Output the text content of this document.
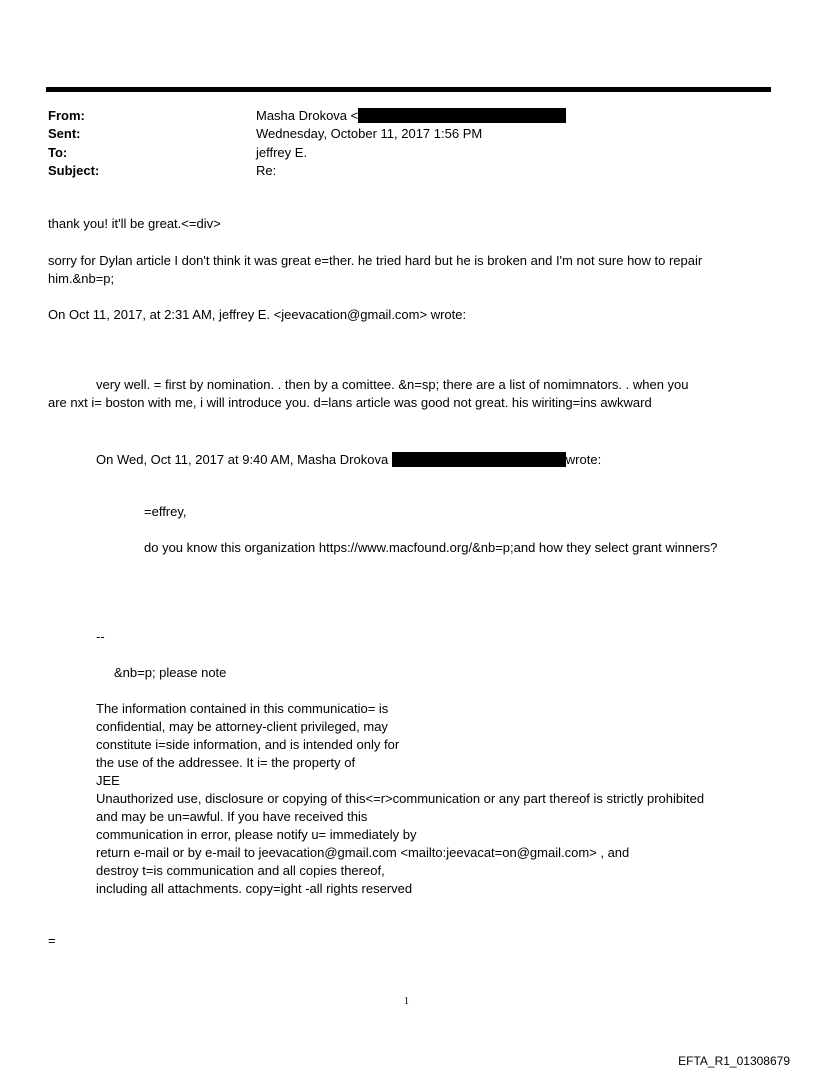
From:	Masha Drokova <
Sent:	Wednesday, October 11, 2017 1:56 PM
To:	jeffrey E.
Subject:	Re:
thank you! it'll be great.<=div>
sorry for Dylan article I don't think it was great e=ther. he tried hard but he is broken and I'm not sure how to repair
him.&nb=p;
On Oct 11, 2017, at 2:31 AM, jeffrey E. <jeevacation@gmail.com> wrote:
very well. = first by nomination. . then by a comittee. &n=sp; there are a list of nomimnators. . when you
are nxt i= boston with me, i will introduce you. d=lans article was good not great. his wiriting=ins awkward
On Wed, Oct 11, 2017 at 9:40 AM, Masha Drokova	wrote:
=effrey,
do you know this organization https://www.macfound.org/&nb=p;and how they select grant winners?
--
&nb=p; please note
The information contained in this communicatio= is
confidential, may be attorney-client privileged, may
constitute i=side information, and is intended only for
the use of the addressee. It i= the property of
JEE
Unauthorized use, disclosure or copying of this<=r>communication or any part thereof is strictly prohibited
and may be un=awful. If you have received this
communication in error, please notify u= immediately by
return e-mail or by e-mail to jeevacation@gmail.com <mailto:jeevacat=on@gmail.com> , and
destroy t=is communication and all copies thereof,
including all attachments. copy=ight -all rights reserved
=
1
EFTA_R1_01308679
